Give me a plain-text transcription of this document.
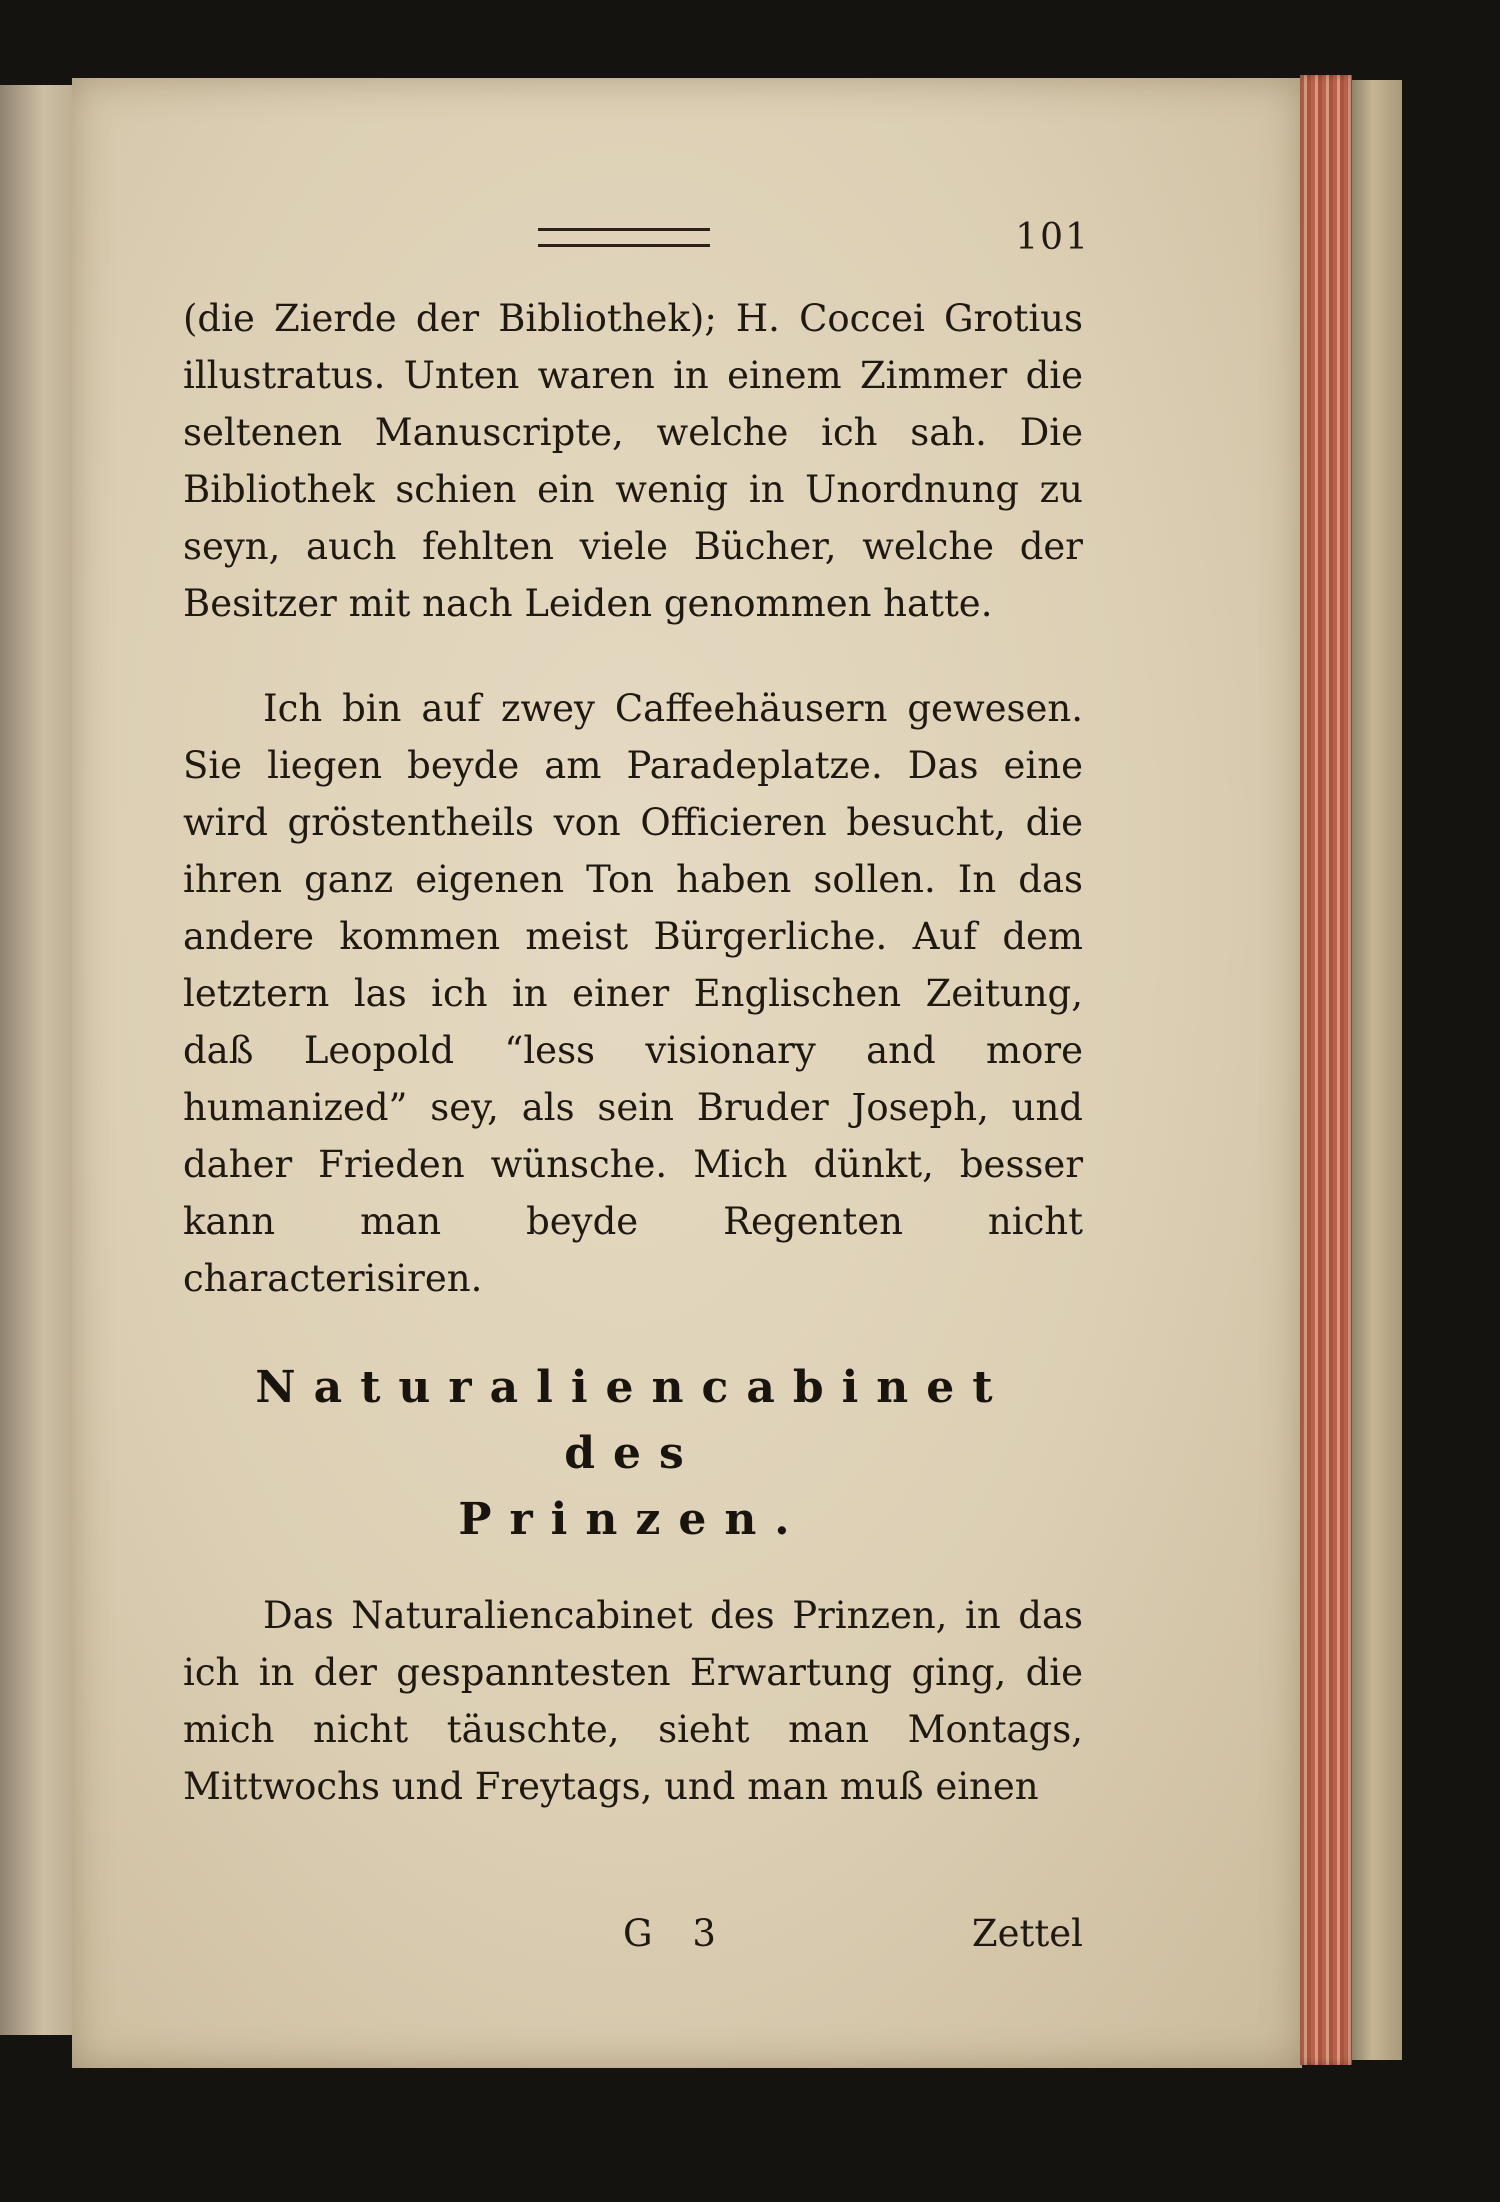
101

(die Zierde der Bibliothek); H. Coccei Grotius illustratus. Unten waren in einem Zimmer die seltenen Manuscripte, welche ich sah. Die Bibliothek schien ein wenig in Unordnung zu seyn, auch fehlten viele Bücher, welche der Besitzer mit nach Leiden genommen hatte.

Ich bin auf zwey Caffeehäusern gewesen. Sie liegen beyde am Paradeplatze. Das eine wird gröstentheils von Officieren besucht, die ihren ganz eigenen Ton haben sollen. In das andere kommen meist Bürgerliche. Auf dem letztern las ich in einer Englischen Zeitung, daß Leopold “less visionary and more humanized” sey, als sein Bruder Joseph, und daher Frieden wünsche. Mich dünkt, besser kann man beyde Regenten nicht characterisiren.

Naturaliencabinet des

Prinzen.

Das Naturaliencabinet des Prinzen, in das ich in der gespanntesten Erwartung ging, die mich nicht täuschte, sieht man Montags, Mittwochs und Freytags, und man muß einen

G 3	Zettel
